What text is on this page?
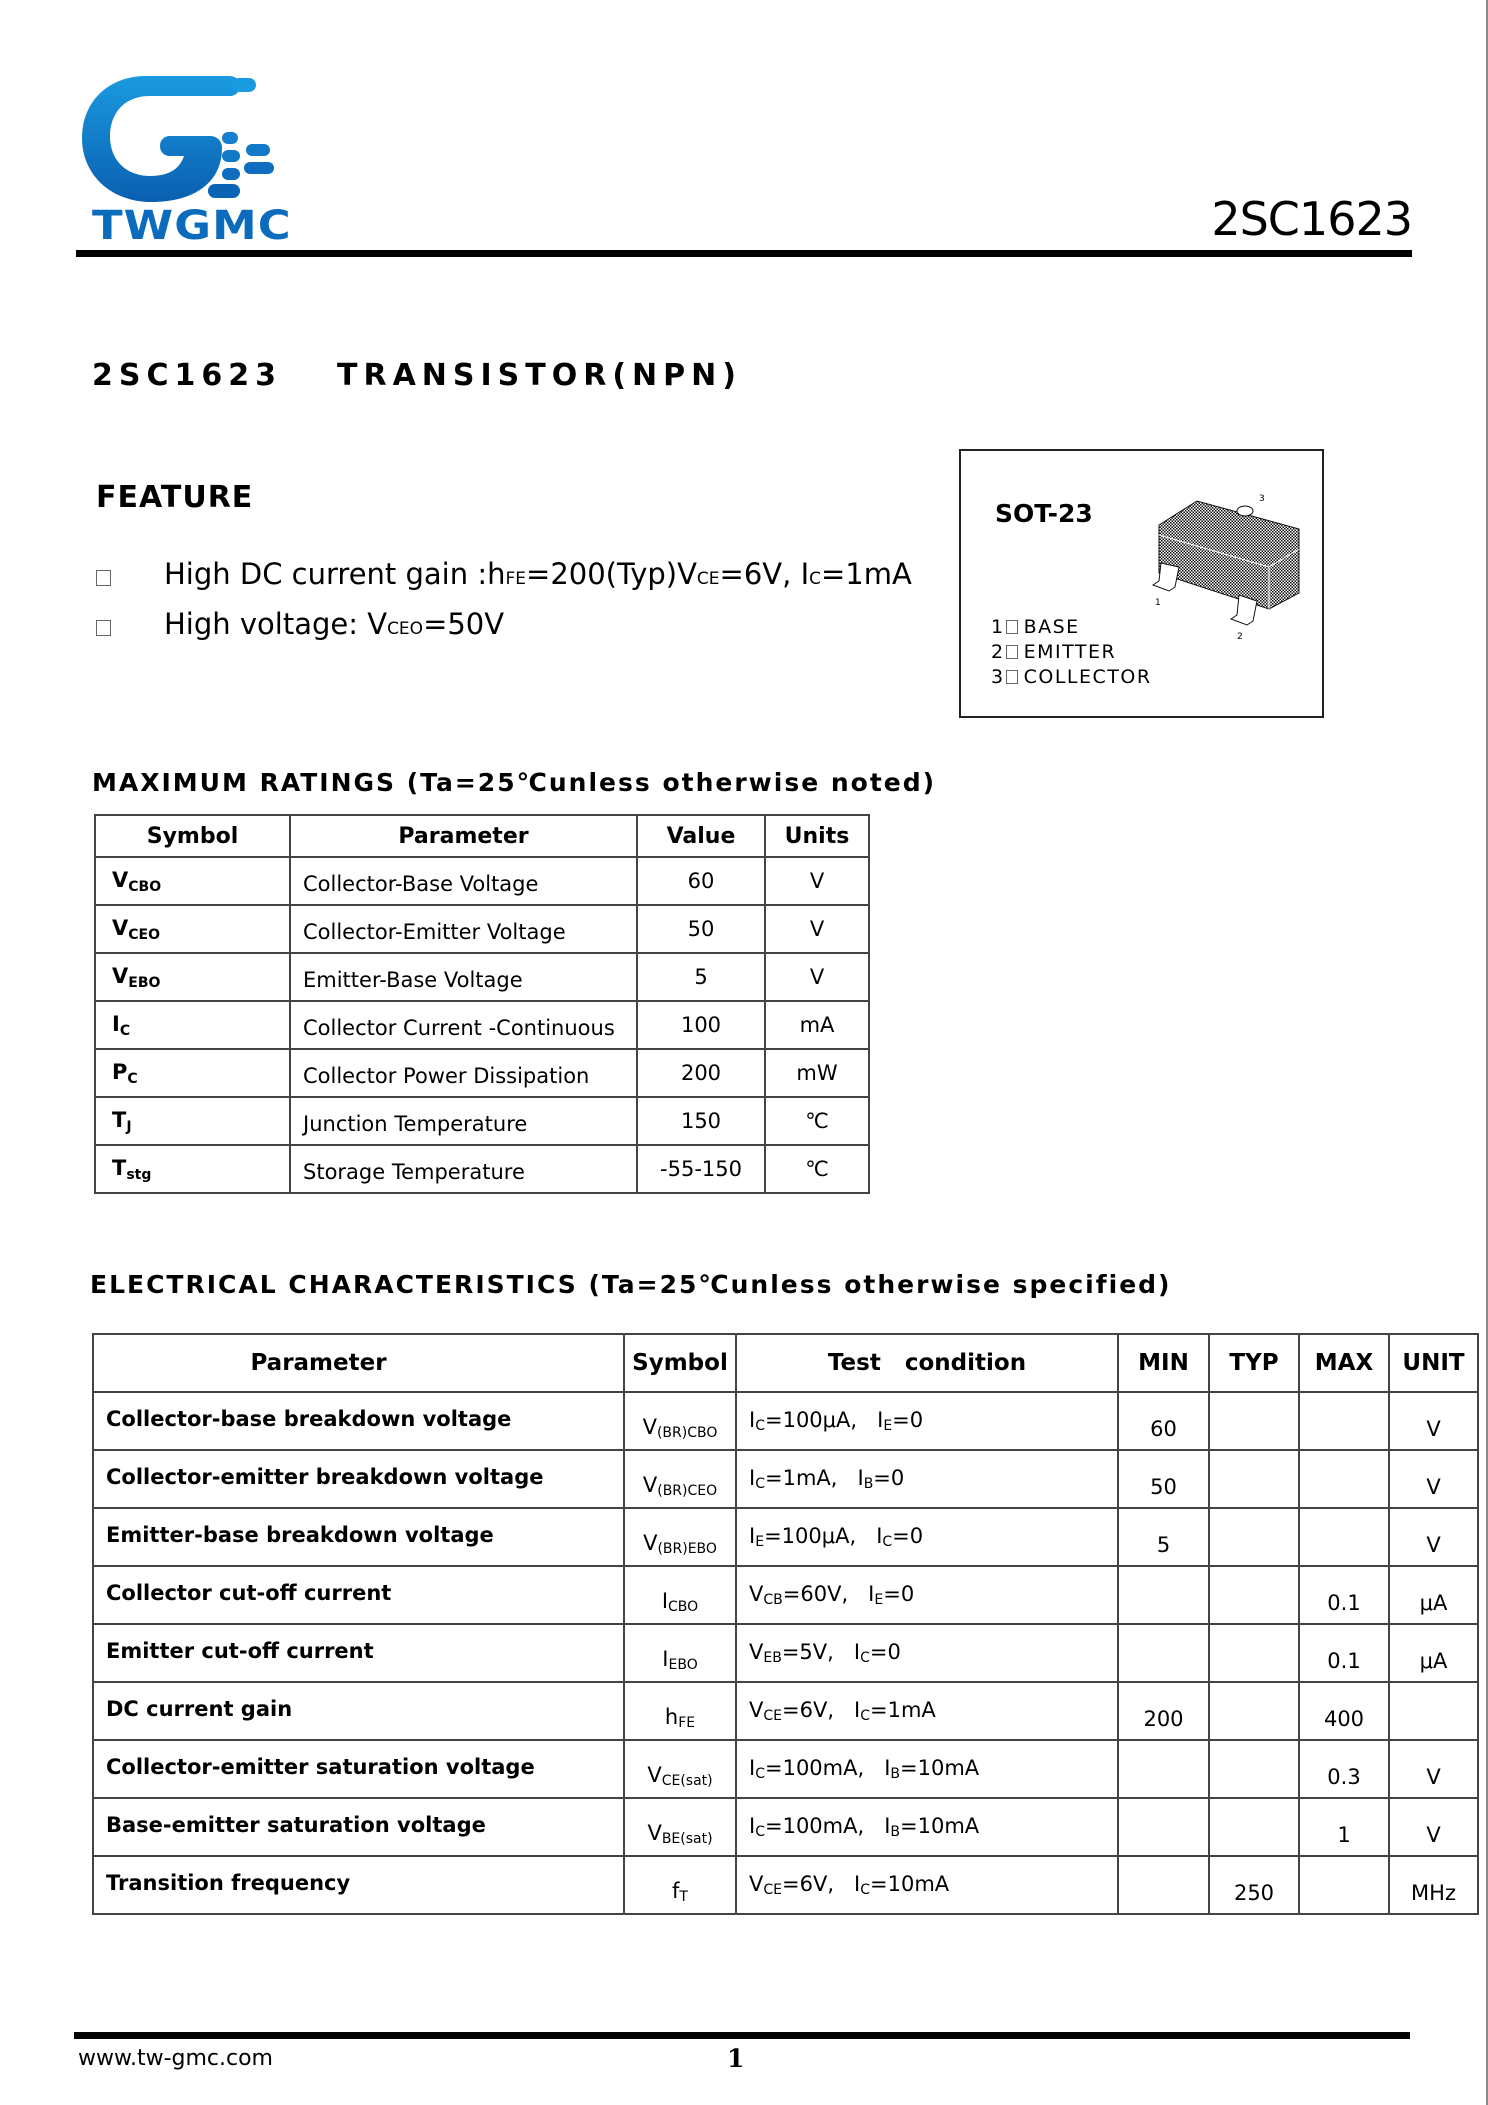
TWGMC	2SC1623
2SC1623 TRANSISTOR(NPN)
FEATURE
High DC current gain :h FE =200(Typ)V CE =6V, I C =1mA
High voltage: V CEO =50V
SOT-23
1
2
3
1 BASE
2 EMITTER
3 COLLECTOR
MAXIMUM RATINGS (Ta=25℃unless otherwise noted)
Symbol	Parameter	Value	Units
$V_{CBO}$	Collector-Base Voltage	60	V
$V_{CEO}$	Collector-Emitter Voltage	50	V
$V_{EBO}$	Emitter-Base Voltage	5	V
$I_C$	Collector Current -Continuous	100	mA
$P_C$	Collector Power Dissipation	200	mW
$T_J$	Junction Temperature	150	℃
$T_{stg}$	Storage Temperature	-55-150	℃
ELECTRICAL CHARACTERISTICS (Ta=25℃unless otherwise specified)
Parameter	Symbol	Test   condition	MIN	TYP	MAX	UNIT
Collector-base breakdown voltage	$V_{(BR)CBO}$	$I_C=100\mu A$, $I_E=0$	60			V
Collector-emitter breakdown voltage	$V_{(BR)CEO}$	$I_C=1mA$, $I_B=0$	50			V
Emitter-base breakdown voltage	$V_{(BR)EBO}$	$I_E=100\mu A$, $I_C=0$	5			V
Collector cut-off current	$I_{CBO}$	$V_{CB}=60V$, $I_E=0$			0.1	μA
Emitter cut-off current	$I_{EBO}$	$V_{EB}=5V$, $I_C=0$			0.1	μA
DC current gain	$h_{FE}$	$V_{CE}=6V$, $I_C=1mA$	200		400	
Collector-emitter saturation voltage	$V_{CE(sat)}$	$I_C=100mA$, $I_B=10mA$			0.3	V
Base-emitter saturation voltage	$V_{BE(sat)}$	$I_C=100mA$, $I_B=10mA$			1	V
Transition frequency	$f_T$	$V_{CE}=6V$, $I_C=10mA$		250		MHz
www.tw-gmc.com	1
